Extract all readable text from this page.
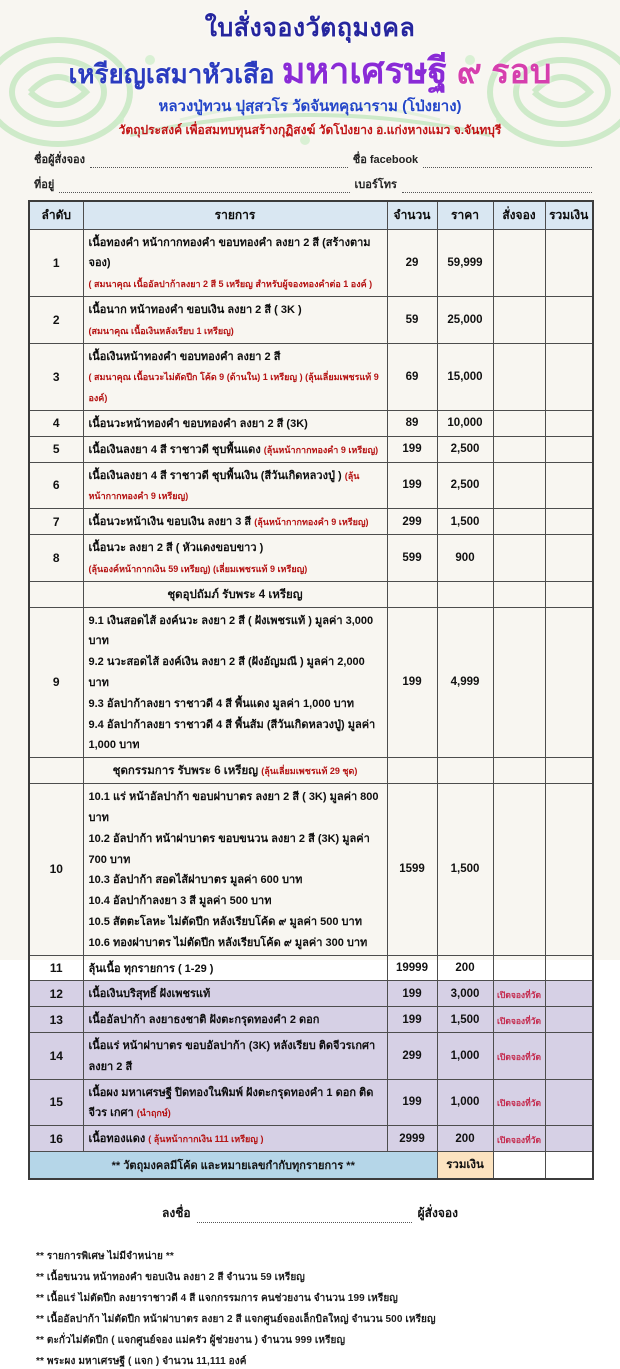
ใบสั่งจองวัตถุมงคล
เหรียญเสมาหัวเสือ มหาเศรษฐี ๙ รอบ
หลวงปู่ทวน ปุสฺสวโร วัดจันทคุณาราม (โป่งยาง)
วัตถุประสงค์ เพื่อสมทบทุนสร้างกุฏิสงฆ์ วัดโป่งยาง อ.แก่งหางแมว จ.จันทบุรี
ชื่อผู้สั่งจอง	ชื่อ facebook
ที่อยู่	เบอร์โทร
ลำดับ	รายการ	จำนวน	ราคา	สั่งจอง	รวมเงิน
1	เนื้อทองคำ หน้ากากทองคำ ขอบทองคำ ลงยา 2 สี (สร้างตามจอง)
( สมนาคุณ เนื้ออัลปาก้าลงยา 2 สี 5 เหรียญ สำหรับผู้จองทองคำต่อ 1 องค์ )	29	59,999		
2	เนื้อนาก หน้าทองคำ ขอบเงิน ลงยา 2 สี ( 3K )
(สมนาคุณ เนื้อเงินหลังเรียบ 1 เหรียญ)	59	25,000		
3	เนื้อเงินหน้าทองคำ ขอบทองคำ ลงยา 2 สี
( สมนาคุณ เนื้อนวะไม่ตัดปีก โค้ด 9 (ด้านใน) 1 เหรียญ ) (ลุ้นเลี่ยมเพชรแท้ 9 องค์)	69	15,000		
4	เนื้อนวะหน้าทองคำ ขอบทองคำ ลงยา 2 สี (3K)	89	10,000		
5	เนื้อเงินลงยา 4 สี ราชาวดี ชุบพื้นแดง (ลุ้นหน้ากากทองคำ 9 เหรียญ)	199	2,500		
6	เนื้อเงินลงยา 4 สี ราชาวดี ชุบพื้นเงิน (สีวันเกิดหลวงปู่ ) (ลุ้นหน้ากากทองคำ 9 เหรียญ)	199	2,500		
7	เนื้อนวะหน้าเงิน ขอบเงิน ลงยา 3 สี (ลุ้นหน้ากากทองคำ 9 เหรียญ)	299	1,500		
8	เนื้อนวะ ลงยา 2 สี ( หัวแดงขอบขาว )
(ลุ้นองค์หน้ากากเงิน 59 เหรียญ) (เลี่ยมเพชรแท้ 9 เหรียญ)	599	900		
	ชุดอุปถัมภ์ รับพระ 4 เหรียญ				
9	9.1 เงินสอดไส้ องค์นวะ ลงยา 2 สี ( ฝังเพชรแท้ ) มูลค่า 3,000 บาท
9.2 นวะสอดไส้ องค์เงิน ลงยา 2 สี (ฝังอัญมณี ) มูลค่า 2,000 บาท
9.3 อัลปาก้าลงยา ราชาวดี 4 สี พื้นแดง มูลค่า 1,000 บาท
9.4 อัลปาก้าลงยา ราชาวดี 4 สี พื้นส้ม (สีวันเกิดหลวงปู่) มูลค่า 1,000 บาท	199	4,999		
	ชุดกรรมการ รับพระ 6 เหรียญ (ลุ้นเลี่ยมเพชรแท้ 29 ชุด)				
10	
10.1 แร่ หน้าอัลปาก้า ขอบฝาบาตร ลงยา 2 สี ( 3K) มูลค่า 800 บาท
10.2 อัลปาก้า หน้าฝาบาตร ขอบขนวน ลงยา 2 สี (3K) มูลค่า 700 บาท
10.3 อัลปาก้า สอดไส้ฝาบาตร มูลค่า 600 บาท
10.4 อัลปาก้าลงยา 3 สี มูลค่า 500 บาท
10.5 สัตตะโลหะ ไม่ตัดปีก หลังเรียบโค้ด ๙ มูลค่า 500 บาท
10.6 ทองฝาบาตร ไม่ตัดปีก หลังเรียบโค้ด ๙ มูลค่า 300 บาท
	1599	1,500		
11	ลุ้นเนื้อ ทุกรายการ ( 1-29 )	19999	200		
12	เนื้อเงินบริสุทธิ์ ฝังเพชรแท้	199	3,000	เปิดจองที่วัด	
13	เนื้ออัลปาก้า ลงยาธงชาติ ฝังตะกรุดทองคำ 2 ดอก	199	1,500	เปิดจองที่วัด	
14	เนื้อแร่ หน้าฝาบาตร ขอบอัลปาก้า (3K) หลังเรียบ ติดจีวรเกศา ลงยา 2 สี	299	1,000	เปิดจองที่วัด	
15	เนื้อผง มหาเศรษฐี ปิดทองในพิมพ์ ฝังตะกรุดทองคำ 1 ดอก ติดจีวร เกศา (นำฤกษ์)	199	1,000	เปิดจองที่วัด	
16	เนื้อทองแดง ( ลุ้นหน้ากากเงิน 111 เหรียญ )	2999	200	เปิดจองที่วัด	
** วัตถุมงคลมีโค้ด และหมายเลขกำกับทุกรายการ **			รวมเงิน		
ลงชื่อ	ผู้สั่งจอง
** รายการพิเศษ ไม่มีจำหน่าย **
** เนื้อขนวน หน้าทองคำ ขอบเงิน ลงยา 2 สี จำนวน 59 เหรียญ
** เนื้อแร่ ไม่ตัดปีก ลงยาราชาวดี 4 สี แจกกรรมการ คนช่วยงาน จำนวน 199 เหรียญ
** เนื้ออัลปาก้า ไม่ตัดปีก หน้าฝาบาตร ลงยา 2 สี แจกศูนย์จองเล็กบิลใหญ่ จำนวน 500 เหรียญ
** ตะกั่วไม่ตัดปีก ( แจกศูนย์จอง แม่ครัว ผู้ช่วยงาน ) จำนวน 999 เหรียญ
** พระผง มหาเศรษฐี ( แจก ) จำนวน 11,111 องค์
